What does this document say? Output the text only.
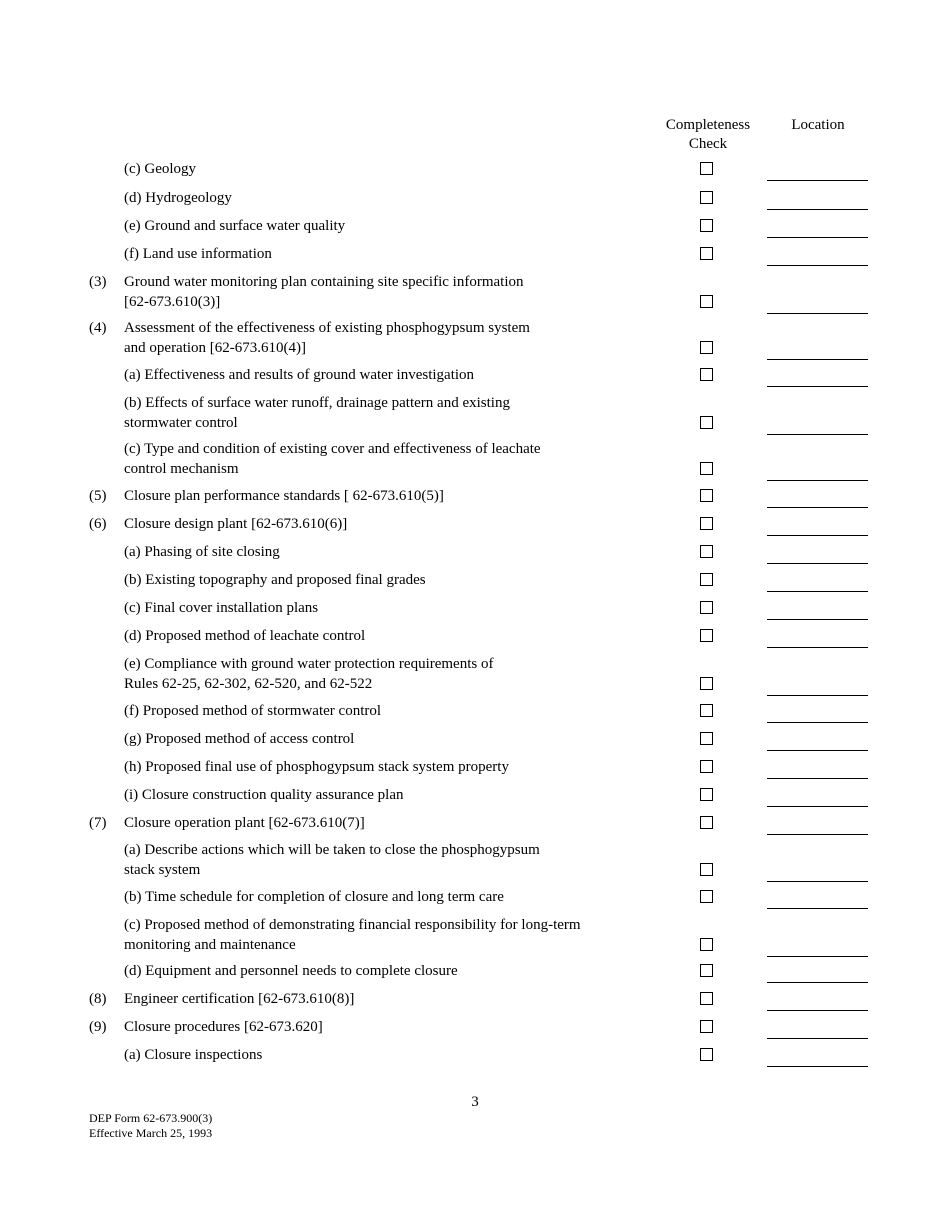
Completeness
Check
Location
(c) Geology
(d) Hydrogeology
(e) Ground and surface water quality
(f) Land use information
(3) Ground water monitoring plan containing site specific information
[62-673.610(3)]
(4) Assessment of the effectiveness of existing phosphogypsum system
and operation [62-673.610(4)]
(a) Effectiveness and results of ground water investigation
(b) Effects of surface water runoff, drainage pattern and existing
stormwater control
(c) Type and condition of existing cover and effectiveness of leachate
control mechanism
(5) Closure plan performance standards [ 62-673.610(5)]
(6) Closure design plant [62-673.610(6)]
(a) Phasing of site closing
(b) Existing topography and proposed final grades
(c) Final cover installation plans
(d) Proposed method of leachate control
(e) Compliance with ground water protection requirements of
Rules 62-25, 62-302, 62-520, and 62-522
(f) Proposed method of stormwater control
(g) Proposed method of access control
(h) Proposed final use of phosphogypsum stack system property
(i) Closure construction quality assurance plan
(7) Closure operation plant [62-673.610(7)]
(a) Describe actions which will be taken to close the phosphogypsum
stack system
(b) Time schedule for completion of closure and long term care
(c) Proposed method of demonstrating financial responsibility for long-term
monitoring and maintenance
(d) Equipment and personnel needs to complete closure
(8) Engineer certification [62-673.610(8)]
(9) Closure procedures [62-673.620]
(a) Closure inspections
3
DEP Form 62-673.900(3)
Effective March 25, 1993
